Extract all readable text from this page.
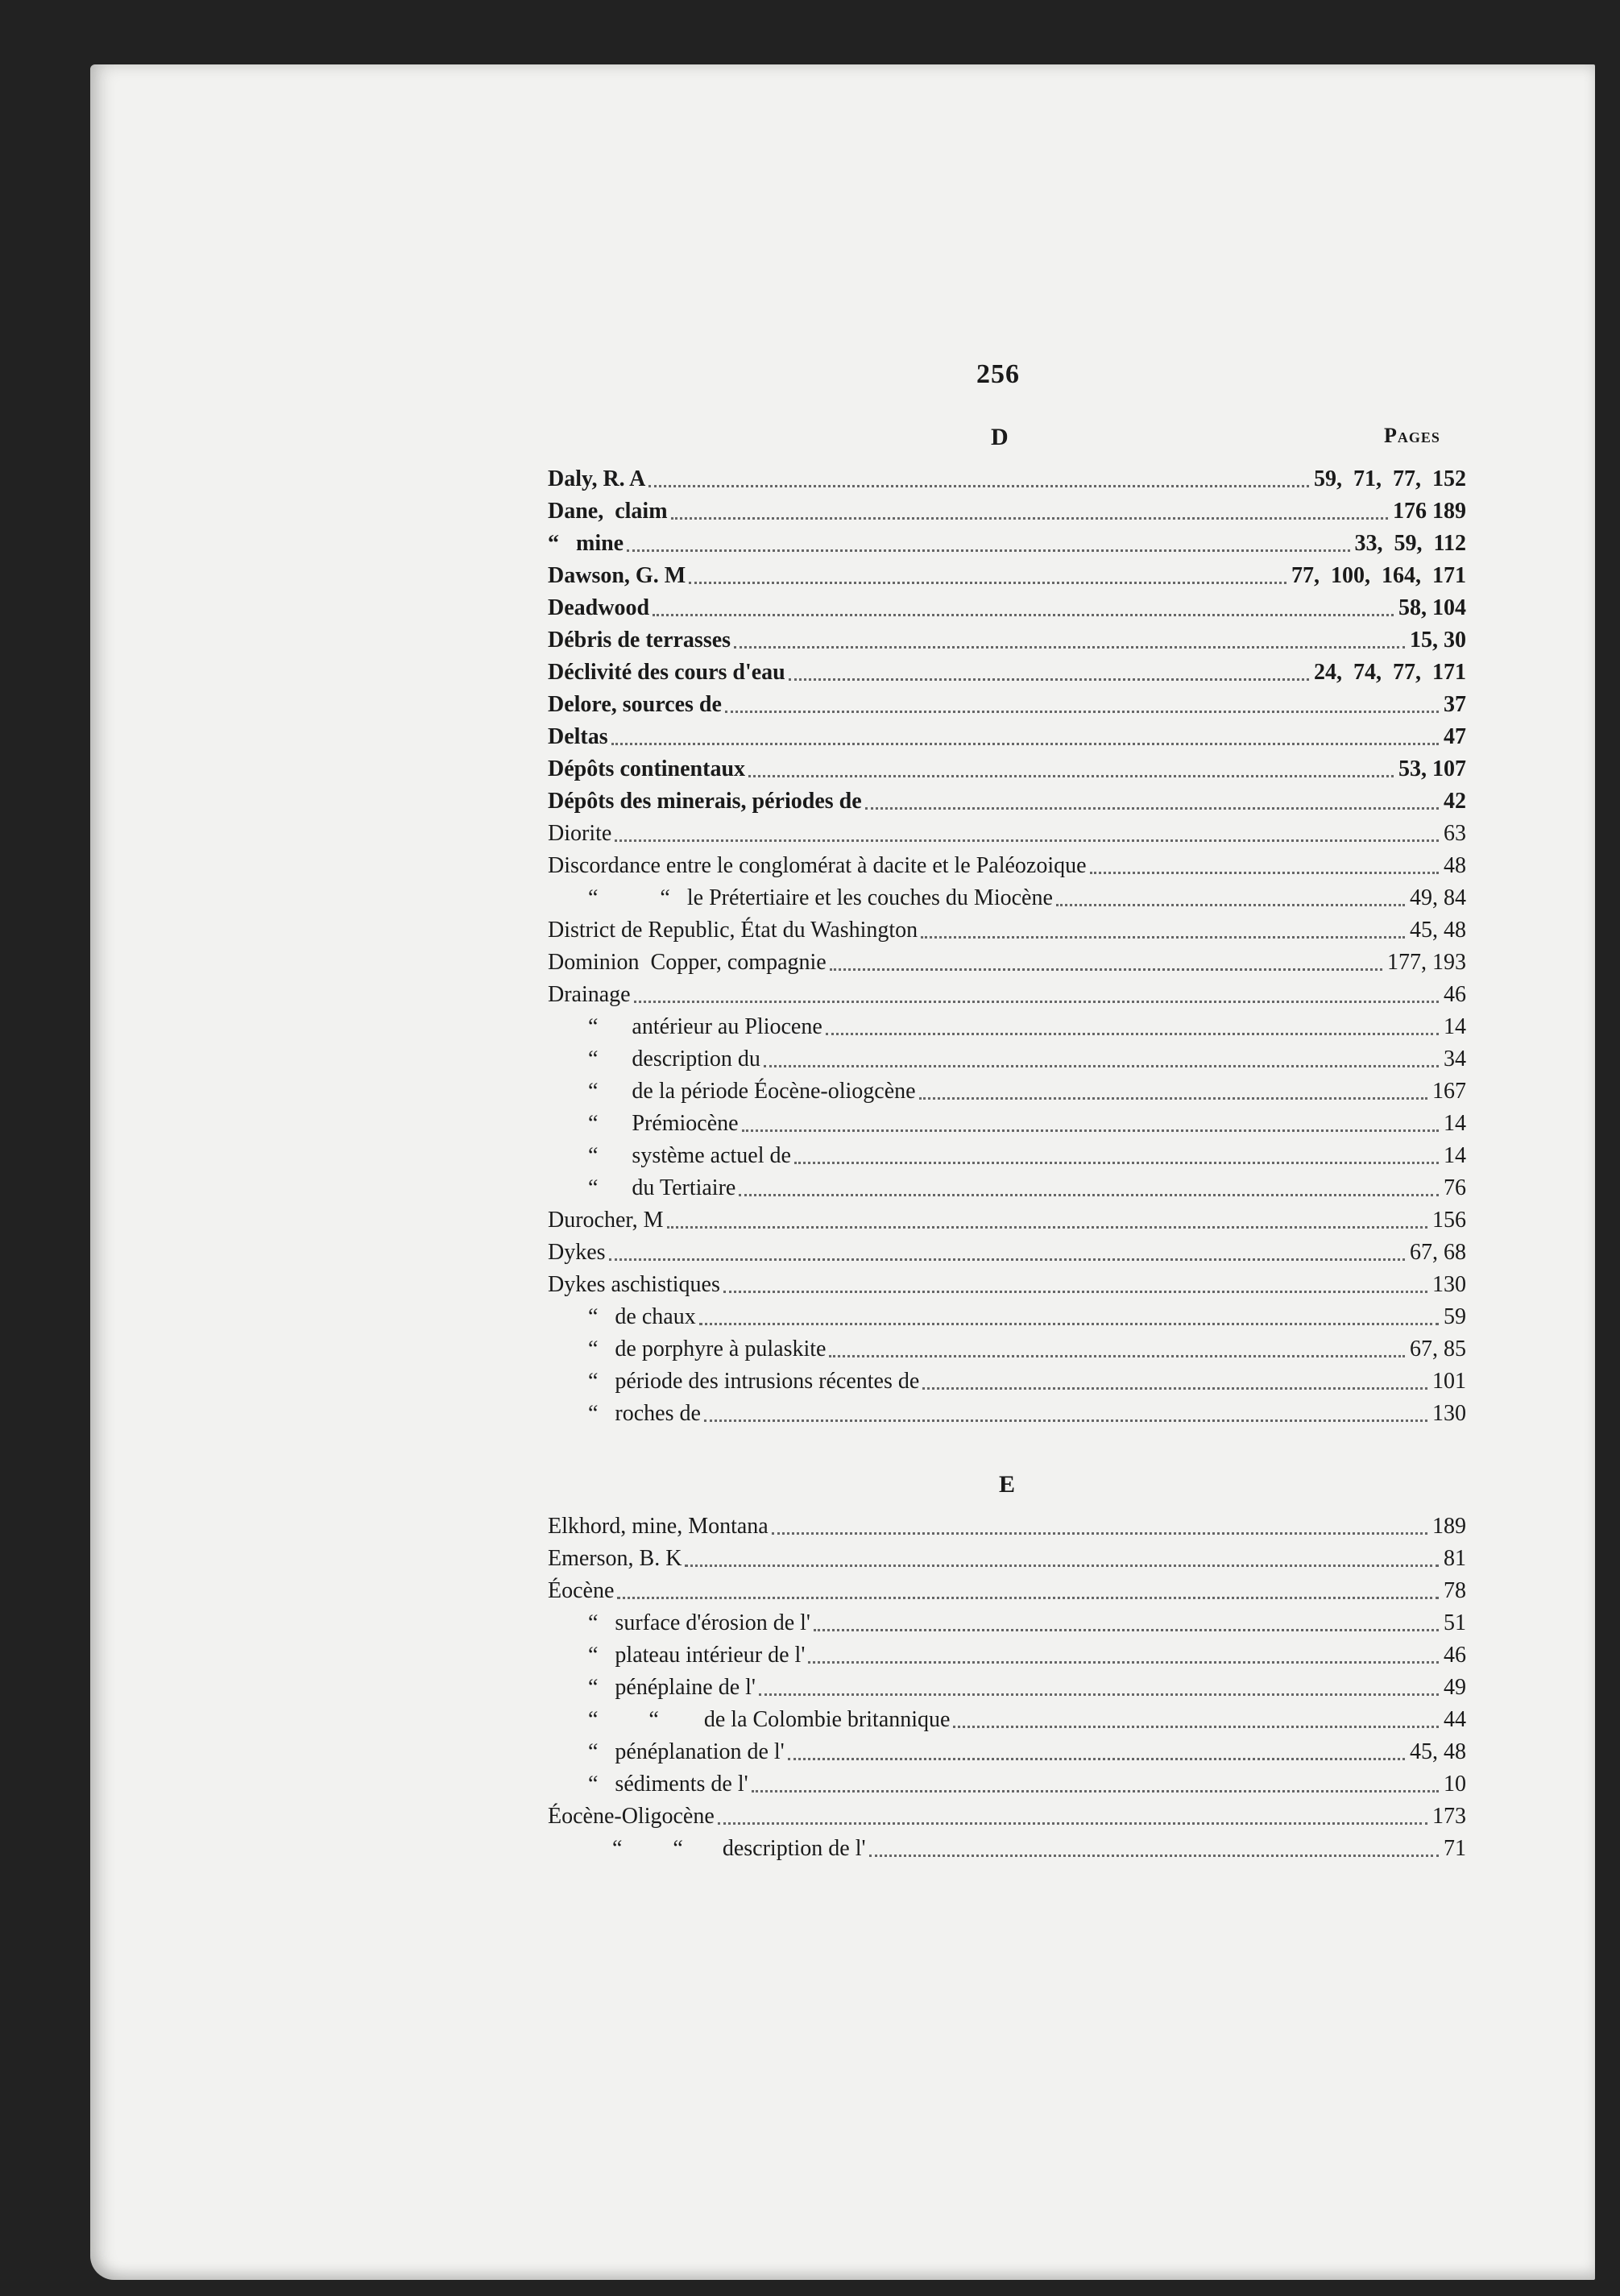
256
D	Pages
E
Daly, R. A	59,  71,  77,  152
Dane,  claim	176 189
“   mine	33,  59,  112
Dawson, G. M	77,  100,  164,  171
Deadwood	58, 104
Débris de terrasses	15, 30
Déclivité des cours d'eau	24,  74,  77,  171
Delore, sources de	37
Deltas	47
Dépôts continentaux	53, 107
Dépôts des minerais, périodes de	42
Diorite	63
Discordance entre le conglomérat à dacite et le Paléozoique	48
“           “   le Prétertiaire et les couches du Miocène	49, 84
District de Republic, État du Washington	45, 48
Dominion  Copper, compagnie	177, 193
Drainage	46
“      antérieur au Pliocene	14
“      description du	34
“      de la période Éocène-oliogcène	167
“      Prémiocène	14
“      système actuel de	14
“      du Tertiaire	76
Durocher, M	156
Dykes	67, 68
Dykes aschistiques	130
“   de chaux	59
“   de porphyre à pulaskite	67, 85
“   période des intrusions récentes de	101
“   roches de	130
Elkhord, mine, Montana	189
Emerson, B. K	81
Éocène	78
“   surface d'érosion de l'	51
“   plateau intérieur de l'	46
“   pénéplaine de l'	49
“         “        de la Colombie britannique	44
“   pénéplanation de l'	45, 48
“   sédiments de l'	10
Éocène-Oligocène	173
“         “       description de l'	71
